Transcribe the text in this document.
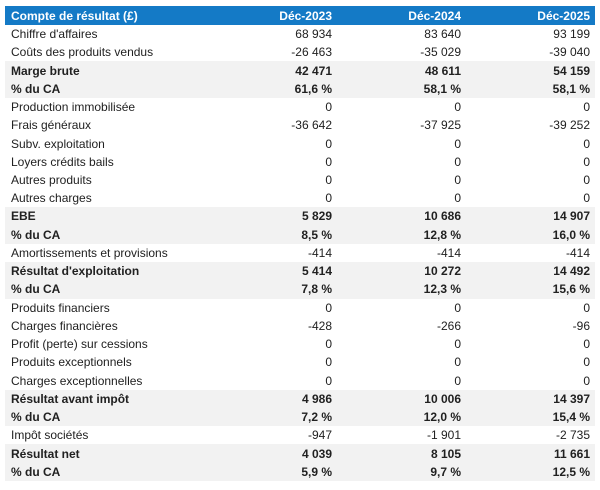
Compte de résultat (£)	Déc-2023	Déc-2024	Déc-2025
Chiffre d'affaires	68 934	83 640	93 199
Coûts des produits vendus	-26 463	-35 029	-39 040
Marge brute	42 471	48 611	54 159
% du CA	61,6 %	58,1 %	58,1 %
Production immobilisée	0	0	0
Frais généraux	-36 642	-37 925	-39 252
Subv. exploitation	0	0	0
Loyers crédits bails	0	0	0
Autres produits	0	0	0
Autres charges	0	0	0
EBE	5 829	10 686	14 907
% du CA	8,5 %	12,8 %	16,0 %
Amortissements et provisions	-414	-414	-414
Résultat d'exploitation	5 414	10 272	14 492
% du CA	7,8 %	12,3 %	15,6 %
Produits financiers	0	0	0
Charges financières	-428	-266	-96
Profit (perte) sur cessions	0	0	0
Produits exceptionnels	0	0	0
Charges exceptionnelles	0	0	0
Résultat avant impôt	4 986	10 006	14 397
% du CA	7,2 %	12,0 %	15,4 %
Impôt sociétés	-947	-1 901	-2 735
Résultat net	4 039	8 105	11 661
% du CA	5,9 %	9,7 %	12,5 %
